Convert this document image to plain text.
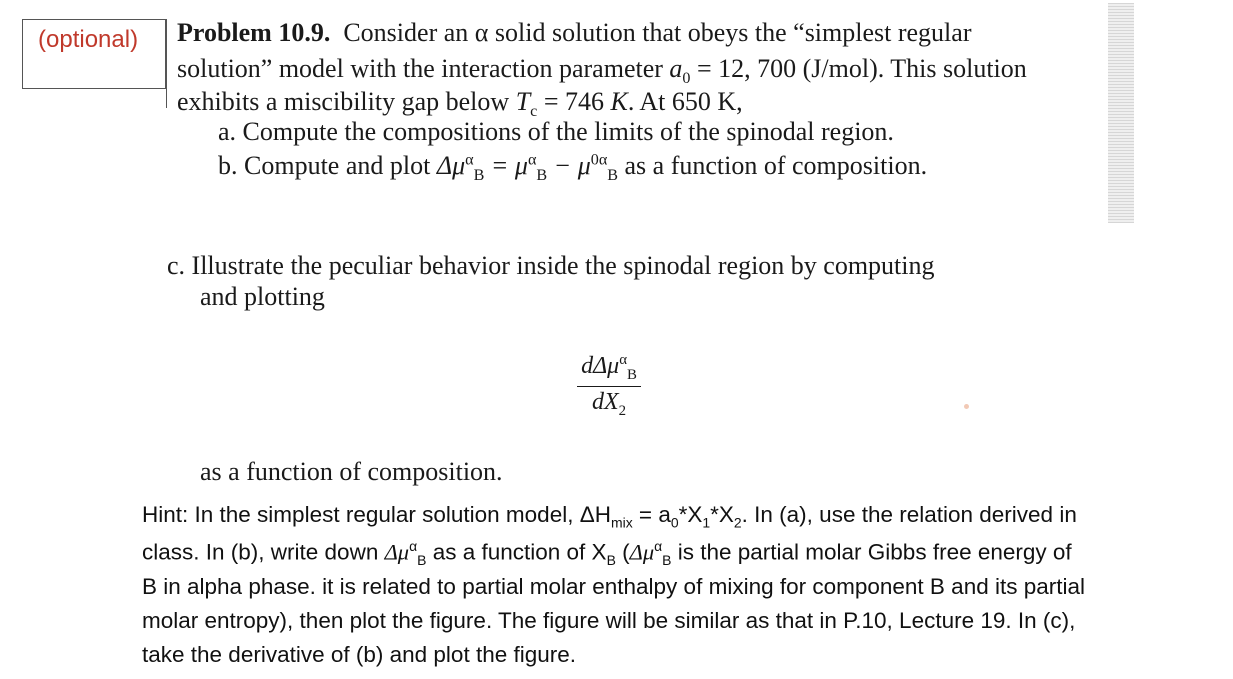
(optional) Problem 10.9. Consider an α solid solution that obeys the “simplest regular
solution” model with the interaction parameter $a_0 = 12$, 700 (J/mol). This solution
exhibits a miscibility gap below $T_c = 746$ K. At 650 K,
a. Compute the compositions of the limits of the spinodal region.
b. Compute and plot $\Delta\mu^\alpha_B = \mu^\alpha_B - \mu^{0\alpha}_B$ as a function of composition.
c. Illustrate the peculiar behavior inside the spinodal region by computing
and plotting
dΔμ$^\alpha_B$
$dX_2$
as a function of composition.
Hint: In the simplest regular solution model, $\Delta H_{mix} = a_0*X_1*X_2$. In (a), use the relation derived in
class. In (b), write down $\Delta\mu^\alpha_B$ as a function of $X_B$ ($\Delta\mu^\alpha_B$ is the partial molar Gibbs free energy of
B in alpha phase. it is related to partial molar enthalpy of mixing for component B and its partial
molar entropy), then plot the figure. The figure will be similar as that in P.10, Lecture 19. In (c),
take the derivative of (b) and plot the figure.
